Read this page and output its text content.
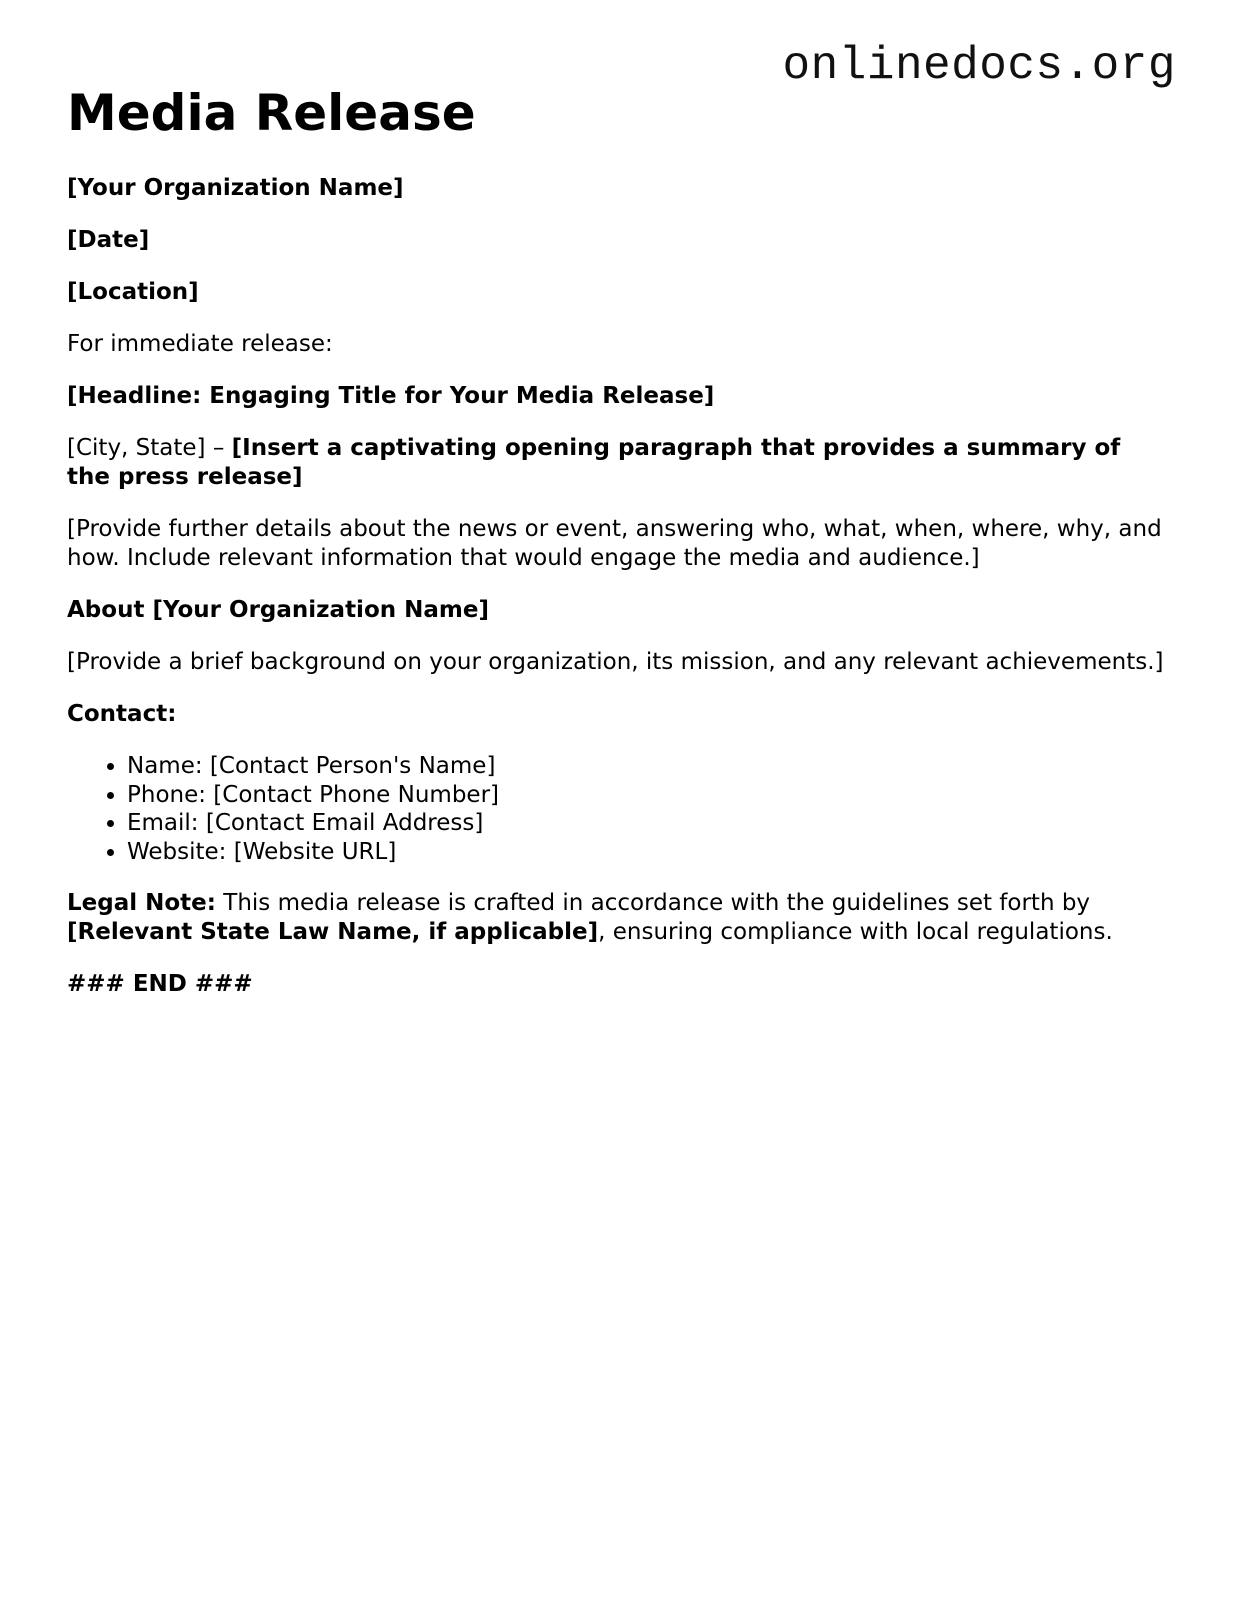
onlinedocs.org
Media Release
[Your Organization Name]
[Date]
[Location]
For immediate release:
[Headline: Engaging Title for Your Media Release]
[City, State] – [Insert a captivating opening paragraph that provides a summary of the press release]
[Provide further details about the news or event, answering who, what, when, where, why, and how. Include relevant information that would engage the media and audience.]
About [Your Organization Name]
[Provide a brief background on your organization, its mission, and any relevant achievements.]
Contact:
• Name: [Contact Person's Name]
• Phone: [Contact Phone Number]
• Email: [Contact Email Address]
• Website: [Website URL]
Legal Note: This media release is crafted in accordance with the guidelines set forth by [Relevant State Law Name, if applicable], ensuring compliance with local regulations.
### END ###
